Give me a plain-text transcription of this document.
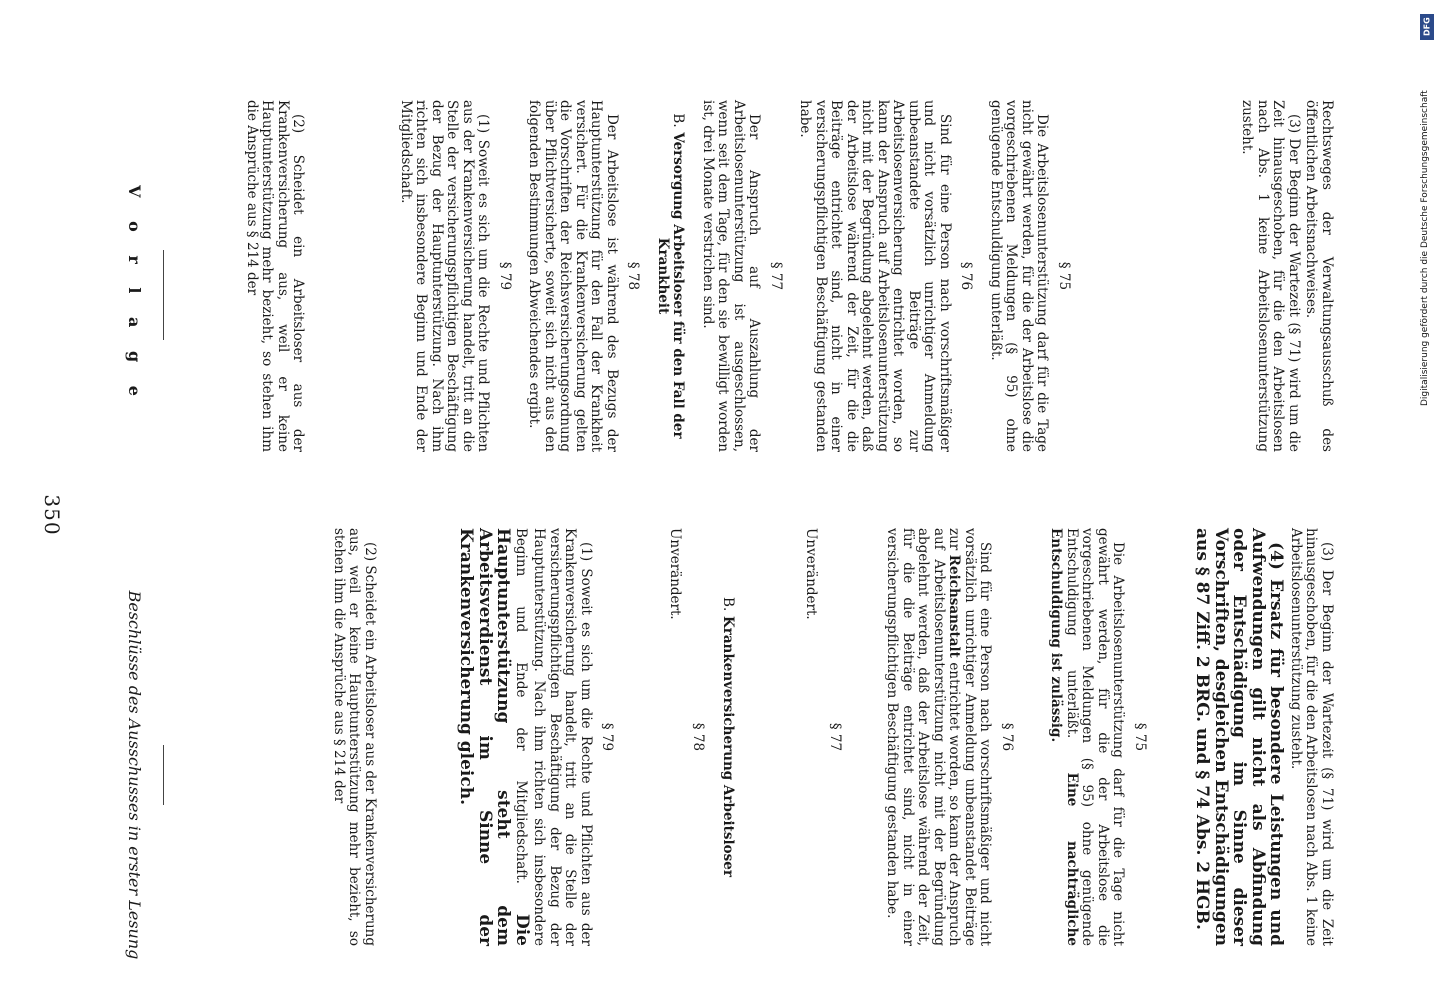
350
V o r l a g e
Beschlüsse des Ausschusses in erster Lesung

Rechtsweges der Verwaltungsausschuß des öffentlichen Arbeitsnachweises.

(3) Der Beginn der Wartezeit (§ 71) wird um die Zeit hinausgeschoben, für die den Arbeitslosen nach Abs. 1 keine Arbeitslosenunterstützung zusteht.

§ 75

Die Arbeitslosenunterstützung darf für die Tage nicht gewährt werden, für die der Arbeitslose die vorgeschriebenen Meldungen (§ 95) ohne genügende Entschuldigung unterläßt.

§ 76

Sind für eine Person nach vorschriftsmäßiger und nicht vorsätzlich unrichtiger Anmeldung unbeanstandete Beiträge zur Arbeitslosenversicherung entrichtet worden, so kann der Anspruch auf Arbeitslosenunterstützung nicht mit der Begründung abgelehnt werden, daß der Arbeitslose während der Zeit, für die die Beiträge entrichtet sind, nicht in einer versicherungspflichtigen Beschäftigung gestanden habe.

§ 77

Der Anspruch auf Auszahlung der Arbeitslosenunterstützung ist ausgeschlossen, wenn seit dem Tage, für den sie bewilligt worden ist, drei Monate verstrichen sind.

B. Versorgung Arbeitsloser für den Fall der Krankheit

§ 78

Der Arbeitslose ist während des Bezugs der Hauptunterstützung für den Fall der Krankheit versichert. Für die Krankenversicherung gelten die Vorschriften der Reichsversicherungsordnung über Pflichtversicherte, soweit sich nicht aus den folgenden Bestimmungen Abweichendes ergibt.

§ 79

(1) Soweit es sich um die Rechte und Pflichten aus der Krankenversicherung handelt, tritt an die Stelle der versicherungspflichtigen Beschäftigung der Bezug der Hauptunterstützung. Nach ihm richten sich insbesondere Beginn und Ende der Mitgliedschaft.

(2) Scheidet ein Arbeitsloser aus der Krankenversicherung aus, weil er keine Hauptunterstützung mehr bezieht, so stehen ihm die Ansprüche aus § 214 der

(3) Der Beginn der Wartezeit (§ 71) wird um die Zeit hinausgeschoben, für die den Arbeitslosen nach Abs. 1 keine Arbeitslosenunterstützung zusteht.

(4) Ersatz für besondere Leistungen und Aufwendungen gilt nicht als Abfindung oder Entschädigung im Sinne dieser Vorschriften, desgleichen Entschädigungen aus § 87 Ziff. 2 BRG. und § 74 Abs. 2 HGB.

§ 75

Die Arbeitslosenunterstützung darf für die Tage nicht gewährt werden, für die der Arbeitslose die vorgeschriebenen Meldungen (§ 95) ohne genügende Entschuldigung unterläßt. Eine nachträgliche Entschuldigung ist zulässig.

§ 76

Sind für eine Person nach vorschriftsmäßiger und nicht vorsätzlich unrichtiger Anmeldung unbeanstandet Beiträge zur Reichsanstalt entrichtet worden, so kann der Anspruch auf Arbeitslosenunterstützung nicht mit der Begründung abgelehnt werden, daß der Arbeitslose während der Zeit, für die die Beiträge entrichtet sind, nicht in einer versicherungspflichtigen Beschäftigung gestanden habe.

§ 77

Unverändert.

B. Krankenversicherung Arbeitsloser

§ 78

Unverändert.

§ 79

(1) Soweit es sich um die Rechte und Pflichten aus der Krankenversicherung handelt, tritt an die Stelle der versicherungspflichtigen Beschäftigung der Bezug der Hauptunterstützung. Nach ihm richten sich insbesondere Beginn und Ende der Mitgliedschaft. Die Hauptunterstützung steht dem Arbeitsverdienst im Sinne der Krankenversicherung gleich.

(2) Scheidet ein Arbeitsloser aus der Krankenversicherung aus, weil er keine Hauptunterstützung mehr bezieht, so stehen ihm die Ansprüche aus § 214 der

DFG
Digitalisierung gefördert durch die Deutsche Forschungsgemeinschaft
